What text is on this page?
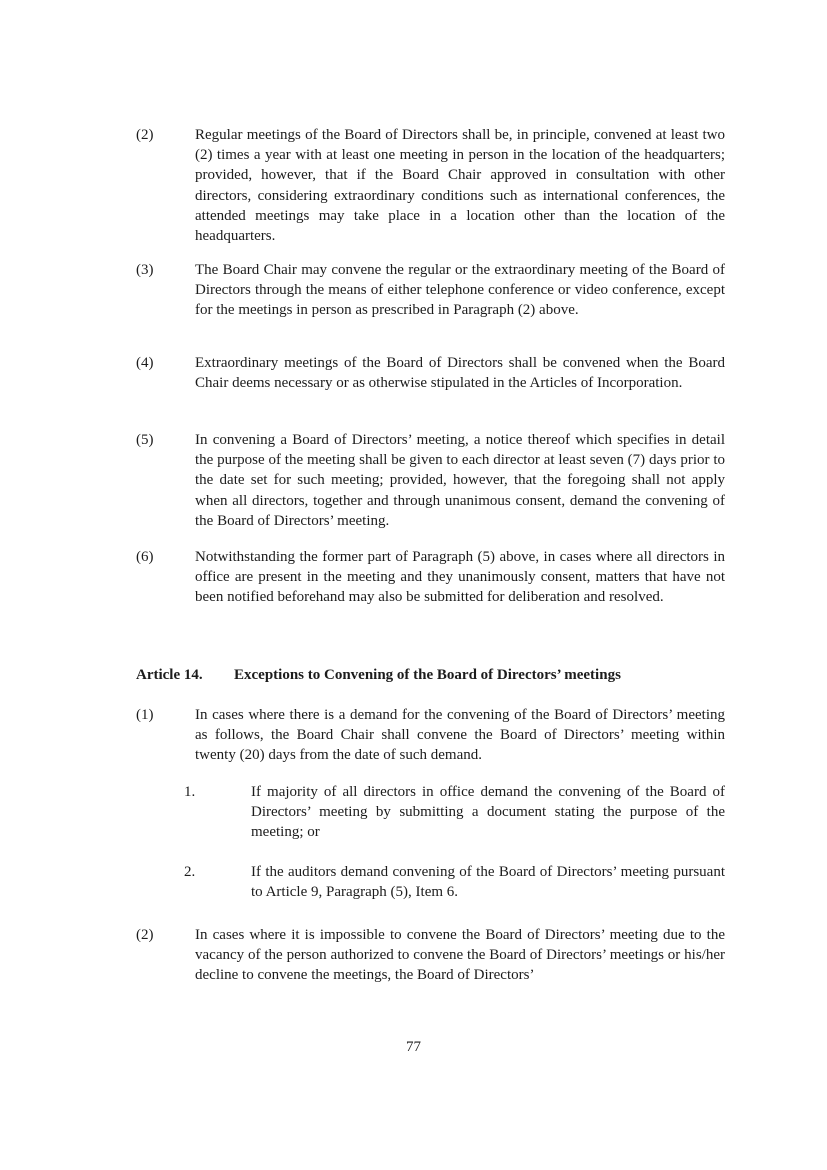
(2)	Regular meetings of the Board of Directors shall be, in principle, convened at least two (2) times a year with at least one meeting in person in the location of the headquarters; provided, however, that if the Board Chair approved in consultation with other directors, considering extraordinary conditions such as international conferences, the attended meetings may take place in a location other than the location of the headquarters.
(3)	The Board Chair may convene the regular or the extraordinary meeting of the Board of Directors through the means of either telephone conference or video conference, except for the meetings in person as prescribed in Paragraph (2) above.
(4)	Extraordinary meetings of the Board of Directors shall be convened when the Board Chair deems necessary or as otherwise stipulated in the Articles of Incorporation.
(5)	In convening a Board of Directors’ meeting, a notice thereof which specifies in detail the purpose of the meeting shall be given to each director at least seven (7) days prior to the date set for such meeting; provided, however, that the foregoing shall not apply when all directors, together and through unanimous consent, demand the convening of the Board of Directors’ meeting.
(6)	Notwithstanding the former part of Paragraph (5) above, in cases where all directors in office are present in the meeting and they unanimously consent, matters that have not been notified beforehand may also be submitted for deliberation and resolved.
Article 14. Exceptions to Convening of the Board of Directors’ meetings
(1)	In cases where there is a demand for the convening of the Board of Directors’ meeting as follows, the Board Chair shall convene the Board of Directors’ meeting within twenty (20) days from the date of such demand.
1.	If majority of all directors in office demand the convening of the Board of Directors’ meeting by submitting a document stating the purpose of the meeting; or
2.	If the auditors demand convening of the Board of Directors’ meeting pursuant to Article 9, Paragraph (5), Item 6.
(2)	In cases where it is impossible to convene the Board of Directors’ meeting due to the vacancy of the person authorized to convene the Board of Directors’ meetings or his/her decline to convene the meetings, the Board of Directors’
77
